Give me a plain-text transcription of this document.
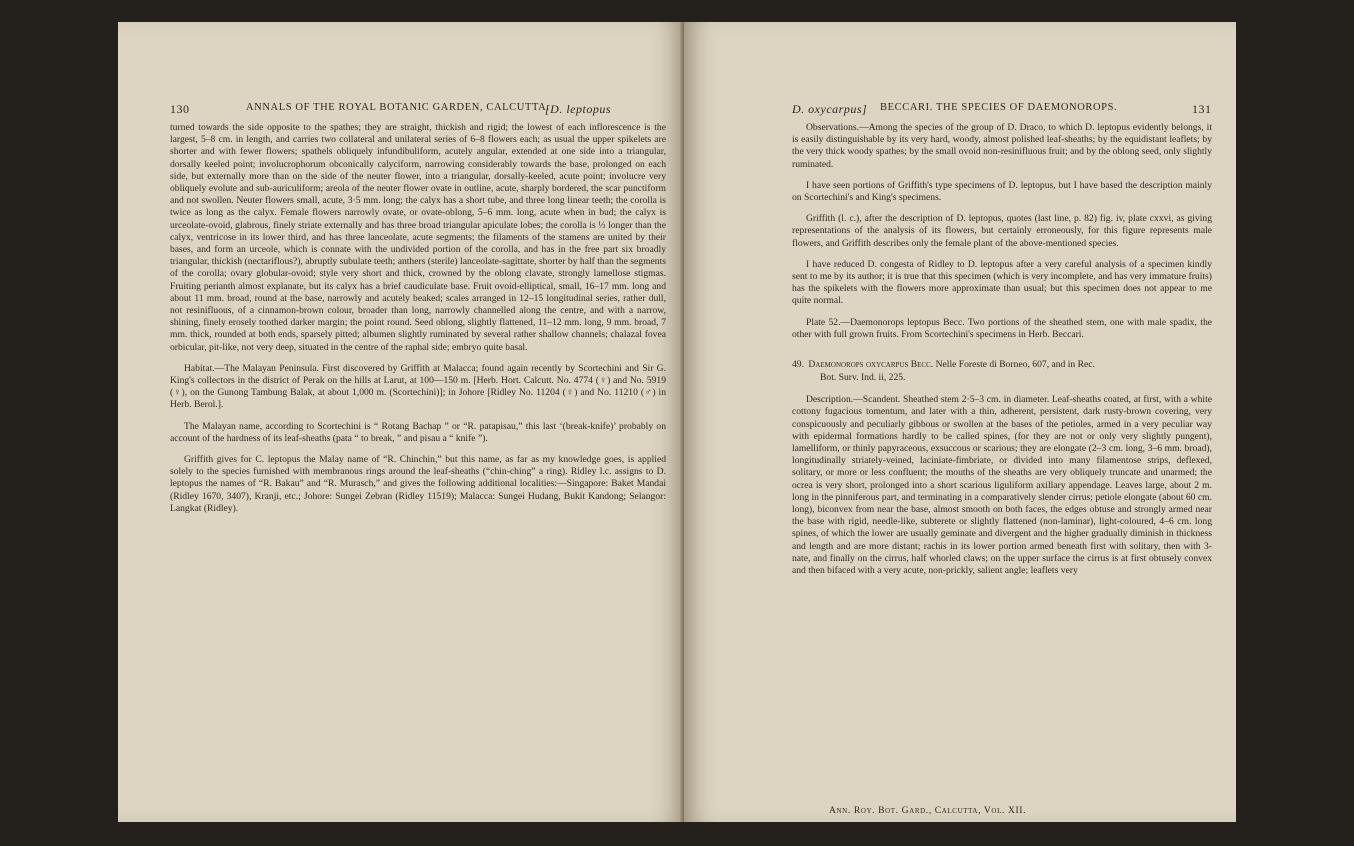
130	ANNALS OF THE ROYAL BOTANIC GARDEN, CALCUTTA.
[D. leptopus

turned towards the side opposite to the spathes; they are straight, thickish and rigid; the lowest of each inflorescence is the largest, 5–8 cm. in length, and carries two collateral and unilateral series of 6–8 flowers each; as usual the upper spikelets are shorter and with fewer flowers; spathels obliquely infundibuliform, acutely angular, extended at one side into a triangular, dorsally keeled point; involucrophorum obconically calyciform, narrowing considerably towards the base, prolonged on each side, but externally more than on the side of the neuter flower, into a triangular, dorsally-keeled, acute point; involucre very obliquely evolute and sub-auriculiform; areola of the neuter flower ovate in outline, acute, sharply bordered, the scar punctiform and not swollen. Neuter flowers small, acute, 3·5 mm. long; the calyx has a short tube, and three long linear teeth; the corolla is twice as long as the calyx. Female flowers narrowly ovate, or ovate-oblong, 5–6 mm. long, acute when in bud; the calyx is urceolate-ovoid, glabrous, finely striate externally and has three broad triangular apiculate lobes; the corolla is ⅓ longer than the calyx, ventricose in its lower third, and has three lanceolate, acute segments; the filaments of the stamens are united by their bases, and form an urceole, which is connate with the undivided portion of the corolla, and has in the free part six broadly triangular, thickish (nectariflous?), abruptly subulate teeth; anthers (sterile) lanceolate-sagittate, shorter by half than the segments of the corolla; ovary globular-ovoid; style very short and thick, crowned by the oblong clavate, strongly lamellose stigmas. Fruiting perianth almost explanate, but its calyx has a brief caudiculate base. Fruit ovoid-elliptical, small, 16–17 mm. long and about 11 mm. broad, round at the base, narrowly and acutely beaked; scales arranged in 12–15 longitudinal series, rather dull, not resinifluous, of a cinnamon-brown colour, broader than long, narrowly channelled along the centre, and with a narrow, shining, finely erosely toothed darker margin; the point round. Seed oblong, slightly flattened, 11–12 mm. long, 9 mm. broad, 7 mm. thick, rounded at both ends, sparsely pitted; albumen slightly ruminated by several rather shallow channels; chalazal fovea orbicular, pit-like, not very deep, situated in the centre of the raphal side; embryo quite basal.

Habitat.—The Malayan Peninsula. First discovered by Griffith at Malacca; found again recently by Scortechini and Sir G. King's collectors in the district of Perak on the hills at Larut, at 100—150 m. [Herb. Hort. Calcutt. No. 4774 (♀) and No. 5919 (♀), on the Gunong Tambung Balak, at about 1,000 m. (Scortechini)]; in Johore [Ridley No. 11204 (♀) and No. 11210 (♂) in Herb. Berol.].

The Malayan name, according to Scortechini is “ Rotang Bachap ” or “R. patapisau,” this last ‘(break-knife)’ probably on account of the hardness of its leaf-sheaths (pata “ to break, ” and pisau a “ knife ”).

Griffith gives for C. leptopus the Malay name of “R. Chinchin,” but this name, as far as my knowledge goes, is applied solely to the species furnished with membranous rings around the leaf-sheaths (“chin-ching” a ring). Ridley l.c. assigns to D. leptopus the names of “R. Bakau” and “R. Murasch,” and gives the following additional localities:—Singapore: Baket Mandai (Ridley 1670, 3407), Kranji, etc.; Johore: Sungei Zebran (Ridley 11519); Malacca: Sungei Hudang, Bukit Kandong; Selangor: Langkat (Ridley).

D. oxycarpus] BECCARI. THE SPECIES OF DAEMONOROPS.	131

Observations.—Among the species of the group of D. Draco, to which D. leptopus evidently belongs, it is easily distinguishable by its very hard, woody, almost polished leaf-sheaths; by the equidistant leaflets; by the very thick woody spathes; by the small ovoid non-resinifluous fruit; and by the oblong seed, only slightly ruminated.

I have seen portions of Griffith's type specimens of D. leptopus, but I have based the description mainly on Scortechini's and King's specimens.

Griffith (l. c.), after the description of D. leptopus, quotes (last line, p. 82) fig. iv, plate cxxvi, as giving representations of the analysis of its flowers, but certainly erroneously, for this figure represents male flowers, and Griffith describes only the female plant of the above-mentioned species.

I have reduced D. congesta of Ridley to D. leptopus after a very careful analysis of a specimen kindly sent to me by its author; it is true that this specimen (which is very incomplete, and has very immature fruits) has the spikelets with the flowers more approximate than usual; but this specimen does not appear to me quite normal.

Plate 52.—Daemonorops leptopus Becc. Two portions of the sheathed stem, one with male spadix, the other with full grown fruits. From Scortechini's specimens in Herb. Beccari.

49. Daemonorops oxycarpus Becc. Nelle Foreste di Borneo, 607, and in Rec.
Bot. Surv. Ind. ii, 225.

Description.—Scandent. Sheathed stem 2·5–3 cm. in diameter. Leaf-sheaths coated, at first, with a white cottony fugacious tomentum, and later with a thin, adherent, persistent, dark rusty-brown covering, very conspicuously and peculiarly gibbous or swollen at the bases of the petioles, armed in a very peculiar way with epidermal formations hardly to be called spines, (for they are not or only very slightly pungent), lamelliform, or thinly papyraceous, exsuccous or scarious; they are elongate (2–3 cm. long, 3–6 mm. broad), longitudinally striately-veined, laciniate-fimbriate, or divided into many filamentose strips, deflexed, solitary, or more or less confluent; the mouths of the sheaths are very obliquely truncate and unarmed; the ocrea is very short, prolonged into a short scarious liguliform axillary appendage. Leaves large, about 2 m. long in the pinniferous part, and terminating in a comparatively slender cirrus; petiole elongate (about 60 cm. long), biconvex from near the base, almost smooth on both faces, the edges obtuse and strongly armed near the base with rigid, needle-like, subterete or slightly flattened (non-laminar), light-coloured, 4–6 cm. long spines, of which the lower are usually geminate and divergent and the higher gradually diminish in thickness and length and are more distant; rachis in its lower portion armed beneath first with solitary, then with 3-nate, and finally on the cirrus, half whorled claws; on the upper surface the cirrus is at first obtusely convex and then bifaced with a very acute, non-prickly, salient angle; leaflets very

Ann. Roy. Bot. Gard., Calcutta, Vol. XII.
